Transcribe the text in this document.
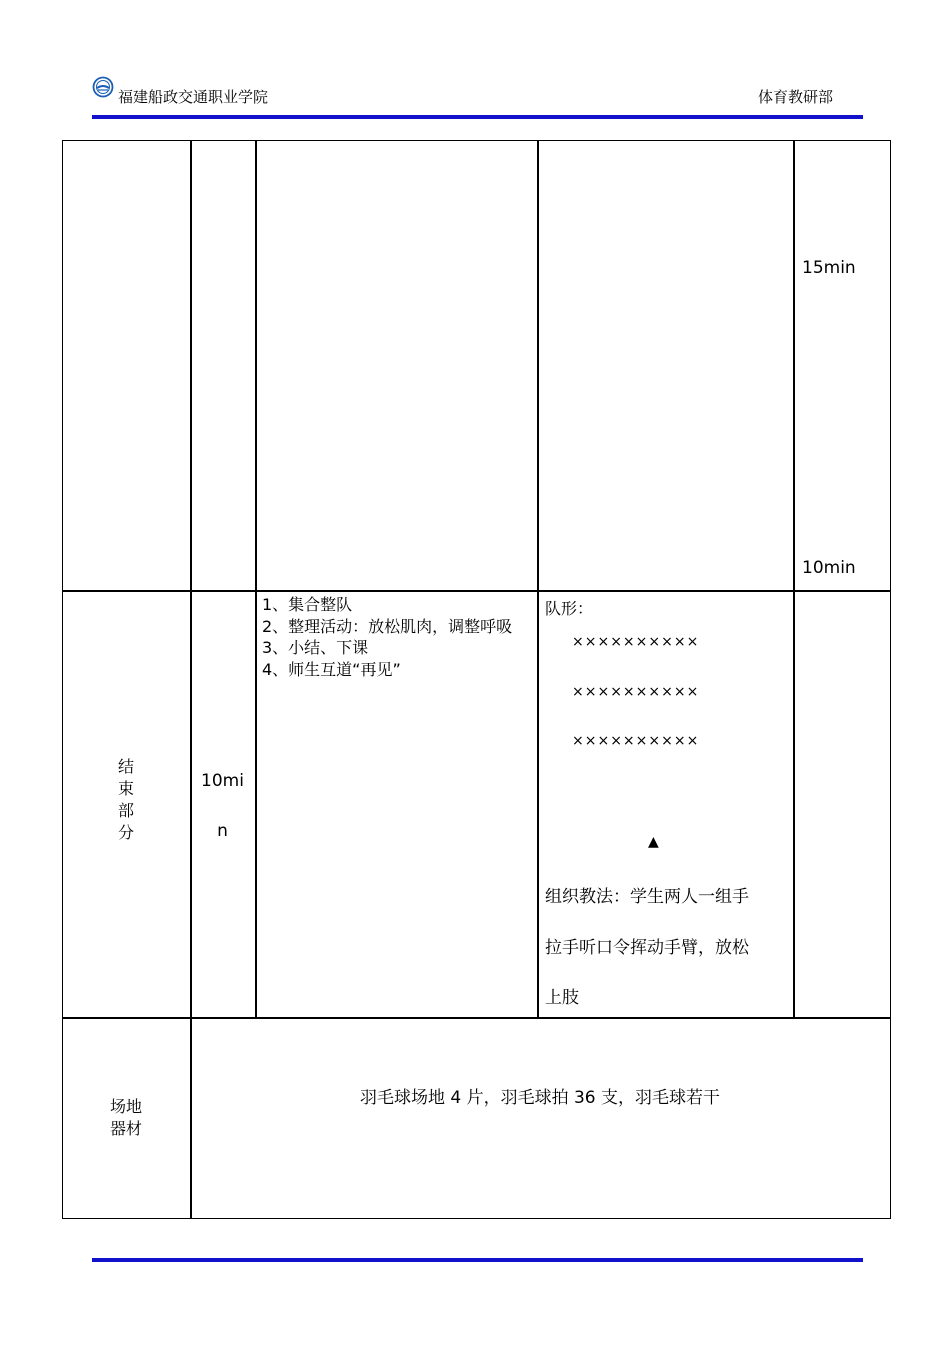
福建船政交通职业学院	体育教研部
15min
10min
结
束
部
分
10mi
n
1、集合整队
2、整理活动：放松肌肉，调整呼吸
3、小结、下课
4、师生互道“再见”
队形：
××××××××××
××××××××××
××××××××××
▲
组织教法：学生两人一组手
拉手听口令挥动手臂，放松
上肢
场地
器材
羽毛球场地 4 片，羽毛球拍 36 支，羽毛球若干
